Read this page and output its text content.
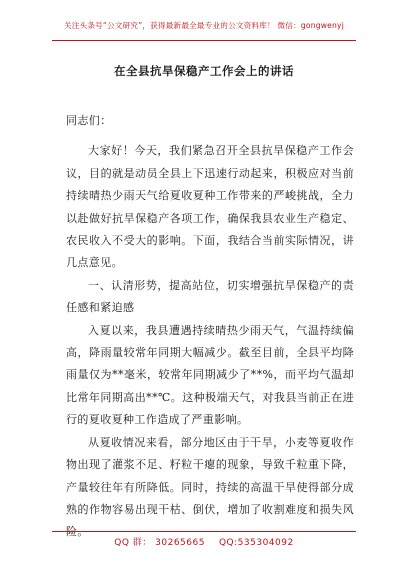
关注头条号“公文研究”，获得最新最全最专业的公文资料库！ 微信：gongwenyj
在全县抗旱保稳产工作会上的讲话

同志们：

大家好！今天，我们紧急召开全县抗旱保稳产工作会议，目的就是动员全县上下迅速行动起来，积极应对当前持续晴热少雨天气给夏收夏种工作带来的严峻挑战，全力以赴做好抗旱保稳产各项工作，确保我县农业生产稳定、农民收入不受大的影响。下面，我结合当前实际情况，讲几点意见。

一、认清形势，提高站位，切实增强抗旱保稳产的责任感和紧迫感

入夏以来，我县遭遇持续晴热少雨天气，气温持续偏高，降雨量较常年同期大幅减少。截至目前，全县平均降雨量仅为**毫米，较常年同期减少了**%，而平均气温却比常年同期高出**℃。这种极端天气，对我县当前正在进行的夏收夏种工作造成了严重影响。

从夏收情况来看，部分地区由于干旱，小麦等夏收作物出现了灌浆不足、籽粒干瘪的现象，导致千粒重下降，产量较往年有所降低。同时，持续的高温干旱使得部分成熟的作物容易出现干枯、倒伏，增加了收割难度和损失风险。

QQ 群： 30265665 QQ:535304092
